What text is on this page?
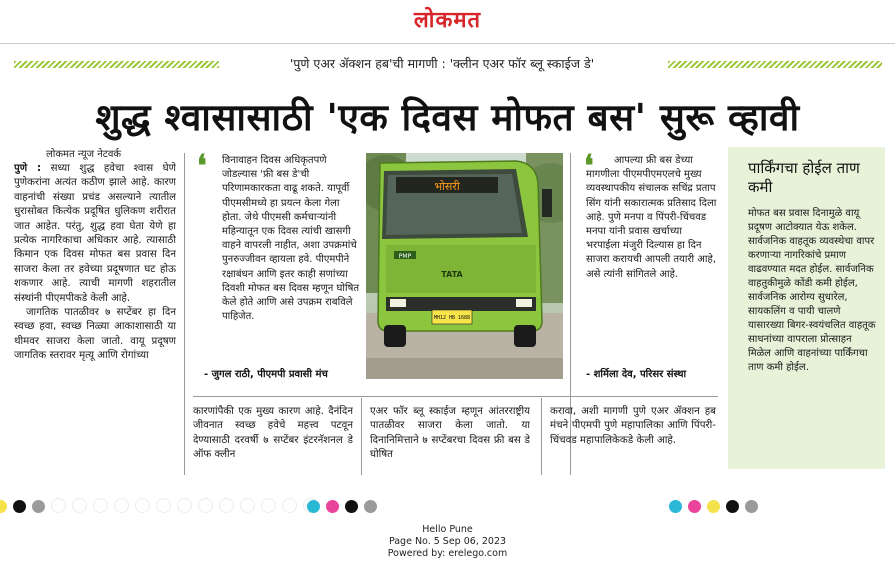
लोकमत
'पुणे एअर ॲक्शन हब'ची मागणी : 'क्लीन एअर फॉर ब्लू स्काईज डे'
शुद्ध श्वासासाठी 'एक दिवस मोफत बस' सुरू व्हावी
लोकमत न्यूज नेटवर्क

पुणे : सध्या शुद्ध हवेचा श्वास घेणे पुणेकरांना अत्यंत कठीण झाले आहे. कारण वाहनांची संख्या प्रचंड असल्याने त्यातील धुरासोबत कित्येक प्रदूषित धुलिकण शरीरात जात आहेत. परंतु, शुद्ध हवा घेता येणे हा प्रत्येक नागरिकाचा अधिकार आहे. त्यासाठी किमान एक दिवस मोफत बस प्रवास दिन साजरा केला तर हवेच्या प्रदूषणात घट होऊ शकणार आहे. त्याची मागणी शहरातील संस्थांनी पीएमपीकडे केली आहे.

जागतिक पातळीवर ७ सप्टेंबर हा दिन स्वच्छ हवा, स्वच्छ निळ्या आकाशासाठी या थीमवर साजरा केला जातो. वायू प्रदूषण जागतिक स्तरावर मृत्यू आणि रोगांच्या

❛ विनावाहन दिवस अधिकृतपणे जोडल्यास 'फ्री बस डे'ची परिणामकारकता वाढू शकते. यापूर्वी पीएमसीमध्ये हा प्रयत्न केला गेला होता. जेथे पीएमसी कर्मचाऱ्यांनी महिन्यातून एक दिवस त्यांची खासगी वाहने वापरली नाहीत, अशा उपक्रमांचे पुनरुज्जीवन व्हायला हवे. पीएमपीने रक्षाबंधन आणि इतर काही सणांच्या दिवशी मोफत बस दिवस म्हणून घोषित केले होते आणि असे उपक्रम राबविले पाहिजेत.
- जुगल राठी, पीएमपी प्रवासी मंच
भोसरी
PMP
TATA
MH12 HB 1688
❛	आपल्या फ्री बस डेच्या मागणीला पीएमपीएमएलचे मुख्य व्यवस्थापकीय संचालक सचिंद्र प्रताप सिंग यांनी सकारात्मक प्रतिसाद दिला आहे. पुणे मनपा व पिंपरी-चिंचवड मनपा यांनी प्रवास खर्चाच्या भरपाईला मंजुरी दिल्यास हा दिन साजरा करायची आपली तयारी आहे, असे त्यांनी सांगितले आहे.
- शर्मिला देव, परिसर संस्था
कारणांपैकी एक मुख्य कारण आहे. दैनंदिन जीवनात स्वच्छ हवेचे महत्त्व पटवून देण्यासाठी दरवर्षी ७ सप्टेंबर इंटरनॅशनल डे ऑफ क्लीन
एअर फॉर ब्लू स्काईज म्हणून आंतरराष्ट्रीय पातळीवर साजरा केला जातो. या दिनानिमित्ताने ७ सप्टेंबरचा दिवस फ्री बस डे घोषित
करावा, अशी मागणी पुणे एअर ॲक्शन हब मंचने पीएमपी पुणे महापालिका आणि पिंपरी-चिंचवड महापालिकेकडे केली आहे.
पार्किंगचा होईल ताण कमी
मोफत बस प्रवास दिनामुळे वायू प्रदूषण आटोक्यात येऊ शकेल. सार्वजनिक वाहतूक व्यवस्थेचा वापर करणाऱ्या नागरिकांचे प्रमाण वाढवण्यात मदत होईल. सार्वजनिक वाहतुकीमुळे कोंडी कमी होईल, सार्वजनिक आरोग्य सुधारेल, सायकलिंग व पायी चालणे यासारख्या बिगर-स्वयंचलित वाहतूक साधनांच्या वापराला प्रोत्साहन मिळेल आणि वाहनांच्या पार्किंगचा ताण कमी होईल.
Hello Pune
Page No. 5 Sep 06, 2023
Powered by: erelego.com
